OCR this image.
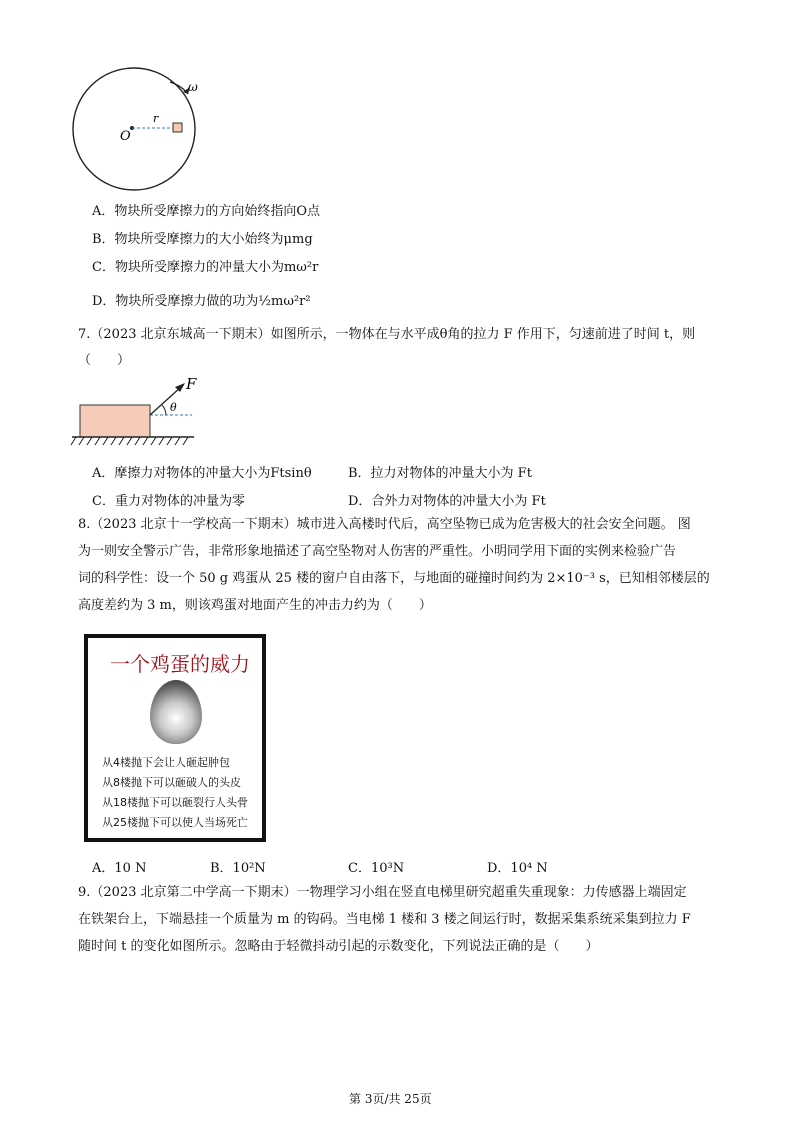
ω
O
r
A．物块所受摩擦力的方向始终指向O点
B．物块所受摩擦力的大小始终为μmg
C．物块所受摩擦力的冲量大小为mω²r
D．物块所受摩擦力做的功为½mω²r²
7.（2023 北京东城高一下期末）如图所示，一物体在与水平成θ角的拉力 F 作用下，匀速前进了时间 t，则
（　　）
F
θ
A．摩擦力对物体的冲量大小为Ftsinθ	B．拉力对物体的冲量大小为 Ft
C．重力对物体的冲量为零	D．合外力对物体的冲量大小为 Ft
8.（2023 北京十一学校高一下期末）城市进入高楼时代后，高空坠物已成为危害极大的社会安全问题。 图
为一则安全警示广告，非常形象地描述了高空坠物对人伤害的严重性。小明同学用下面的实例来检验广告
词的科学性：设一个 50 g 鸡蛋从 25 楼的窗户自由落下，与地面的碰撞时间约为 2×10⁻³ s，已知相邻楼层的
高度差约为 3 m，则该鸡蛋对地面产生的冲击力约为（　　）
一个鸡蛋的威力
从4楼抛下会让人砸起肿包
从8楼抛下可以砸破人的头皮
从18楼抛下可以砸裂行人头骨
从25楼抛下可以使人当场死亡
A．10 N	B．10²N	C．10³N	D．10⁴ N
9.（2023 北京第二中学高一下期末）一物理学习小组在竖直电梯里研究超重失重现象：力传感器上端固定
在铁架台上，下端悬挂一个质量为 m 的钩码。当电梯 1 楼和 3 楼之间运行时，数据采集系统采集到拉力 F
随时间 t 的变化如图所示。忽略由于轻微抖动引起的示数变化，下列说法正确的是（　　）
第 3页/共 25页
